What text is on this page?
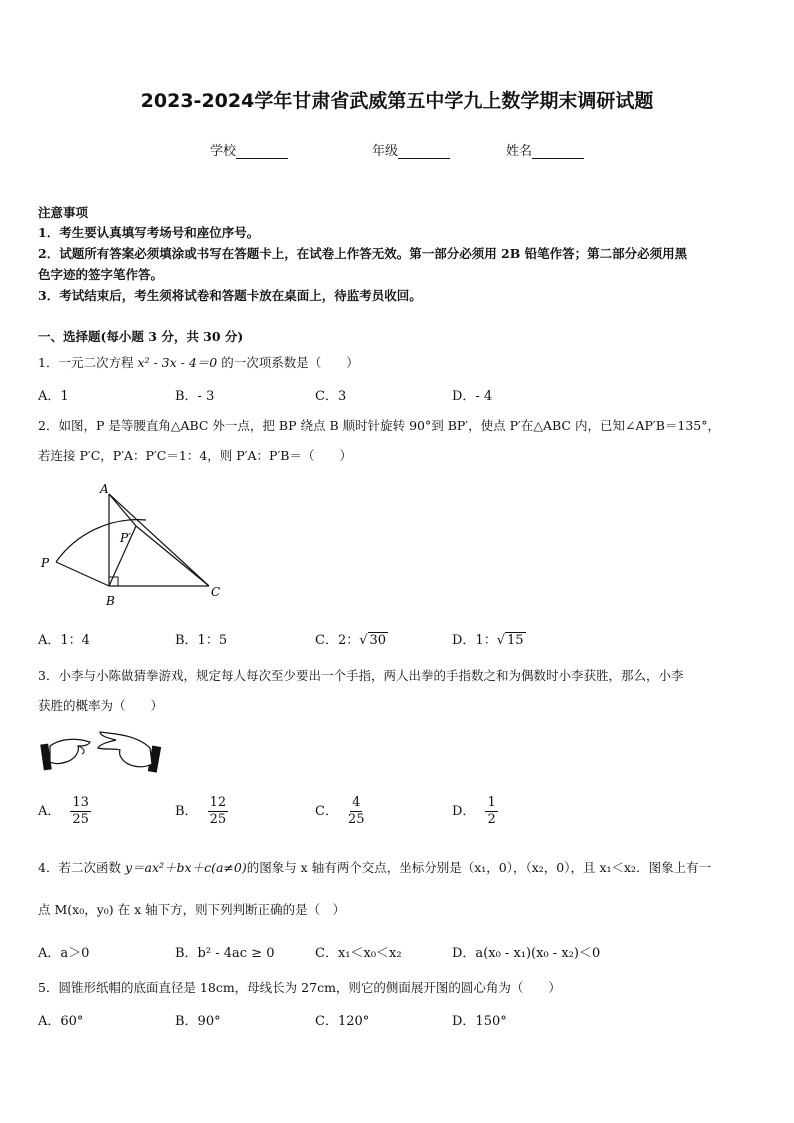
2023-2024学年甘肃省武威第五中学九上数学期末调研试题
学校	年级	姓名
注意事项
1．考生要认真填写考场号和座位序号。
2．试题所有答案必须填涂或书写在答题卡上，在试卷上作答无效。第一部分必须用 2B 铅笔作答；第二部分必须用黑
色字迹的签字笔作答。
3．考试结束后，考生须将试卷和答题卡放在桌面上，待监考员收回。
一、选择题(每小题 3 分，共 30 分)
1．一元二次方程 x² - 3x - 4＝0 的一次项系数是（　　）
A．1	B．- 3	C．3	D．- 4
2．如图，P 是等腰直角△ABC 外一点，把 BP 绕点 B 顺时针旋转 90°到 BP′，使点 P′在△ABC 内，已知∠AP′B＝135°，
若连接 P′C，P′A：P′C＝1：4，则 P′A：P′B＝（　　）
A
B
C
P
P′
A．1：4	B．1：5	C．2：√ 30	D．1：√ 15
3．小李与小陈做猜拳游戏，规定每人每次至少要出一个手指，两人出拳的手指数之和为偶数时小李获胜，那么，小李
获胜的概率为（　　）
A． $\frac{13}{25}$	B． $\frac{12}{25}$	C． $\frac{4}{25}$	D． $\frac{1}{2}$
4．若二次函数 y＝ax²＋bx＋c(a≠0)的图象与 x 轴有两个交点，坐标分别是（x₁，0），（x₂，0），且 x₁＜x₂．图象上有一
点 M(x₀，y₀) 在 x 轴下方，则下列判断正确的是（　）
A．a＞0	B．b² - 4ac ≥ 0	C．x₁＜x₀＜x₂	D．a(x₀ - x₁)(x₀ - x₂)＜0
5．圆锥形纸帽的底面直径是 18cm，母线长为 27cm，则它的侧面展开图的圆心角为（　　）
A．60°	B．90°	C．120°	D．150°
